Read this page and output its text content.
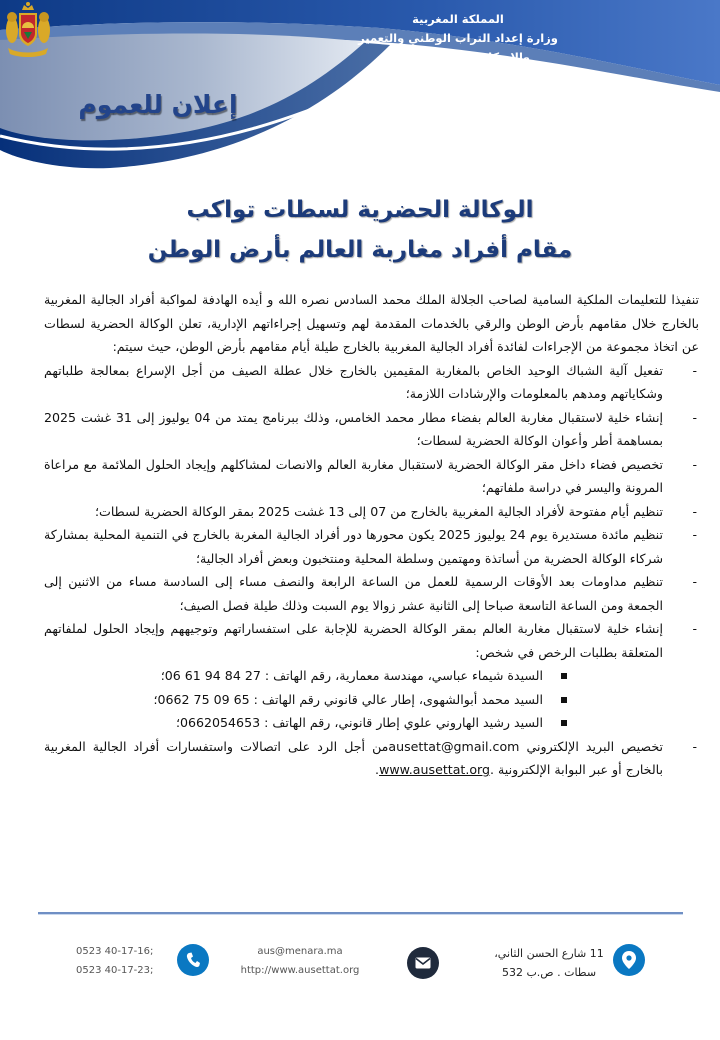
المملكة المغربية
وزارة إعداد التراب الوطني والتعمير
والإسكان وسياسة المدينة
الوكالة الحضرية لسطات
إعلان للعموم
الوكالة الحضرية لسطات تواكب
مقام أفراد مغاربة العالم بأرض الوطن

تنفيذا للتعليمات الملكية السامية لصاحب الجلالة الملك محمد السادس نصره الله و أيده الهادفة لمواكبة أفراد الجالية المغربية بالخارج خلال مقامهم بأرض الوطن والرقي بالخدمات المقدمة لهم وتسهيل إجراءاتهم الإدارية، تعلن الوكالة الحضرية لسطات عن اتخاذ مجموعة من الإجراءات لفائدة أفراد الجالية المغربية بالخارج طيلة أيام مقامهم بأرض الوطن، حيث سيتم:

-
تفعيل آلية الشباك الوحيد الخاص بالمغاربة المقيمين بالخارج خلال عطلة الصيف من أجل الإسراع بمعالجة طلباتهم وشكاياتهم ومدهم بالمعلومات والإرشادات اللازمة؛
-
إنشاء خلية لاستقبال مغاربة العالم بفضاء مطار محمد الخامس، وذلك ببرنامج يمتد من 04 يوليوز إلى 31 غشت 2025 بمساهمة أطر وأعوان الوكالة الحضرية لسطات؛
-
تخصيص فضاء داخل مقر الوكالة الحضرية لاستقبال مغاربة العالم والانصات لمشاكلهم وإيجاد الحلول الملائمة مع مراعاة المرونة واليسر في دراسة ملفاتهم؛
-
تنظيم أيام مفتوحة لأفراد الجالية المغربية بالخارج من 07 إلى 13 غشت 2025 بمقر الوكالة الحضرية لسطات؛
-
تنظيم مائدة مستديرة يوم 24 يوليوز 2025 يكون محورها دور أفراد الجالية المغربة بالخارج في التنمية المحلية بمشاركة شركاء الوكالة الحضرية من أساتذة ومهتمين وسلطة المحلية ومنتخبون وبعض أفراد الجالية؛
-
تنظيم مداومات بعد الأوقات الرسمية للعمل من الساعة الرابعة والنصف مساء إلى السادسة مساء من الاثنين إلى الجمعة ومن الساعة التاسعة صباحا إلى الثانية عشر زوالا يوم السبت وذلك طيلة فصل الصيف؛
-
إنشاء خلية لاستقبال مغاربة العالم بمقر الوكالة الحضرية للإجابة على استفساراتهم وتوجيههم وإيجاد الحلول لملفاتهم المتعلقة بطلبات الرخص في شخص:
السيدة شيماء عباسي، مهندسة معمارية، رقم الهاتف : 06 61 94 84 27؛
السيد محمد أبوالشهوى، إطار عالي قانوني رقم الهاتف : 0662 75 09 65؛
السيد رشيد الهاروني علوي إطار قانوني، رقم الهاتف : 0662054653؛
-
تخصيص البريد الإلكتروني ausettat@gmail.comمن أجل الرد على اتصالات واستفسارات أفراد الجالية المغربية بالخارج أو عبر البوابة الإلكترونية .www.ausettat.org.
11 شارع الحسن الثاني،
سطات . ص.ب 532
aus@menara.ma
http://www.ausettat.org
0523 40-17-16;
0523 40-17-23;
